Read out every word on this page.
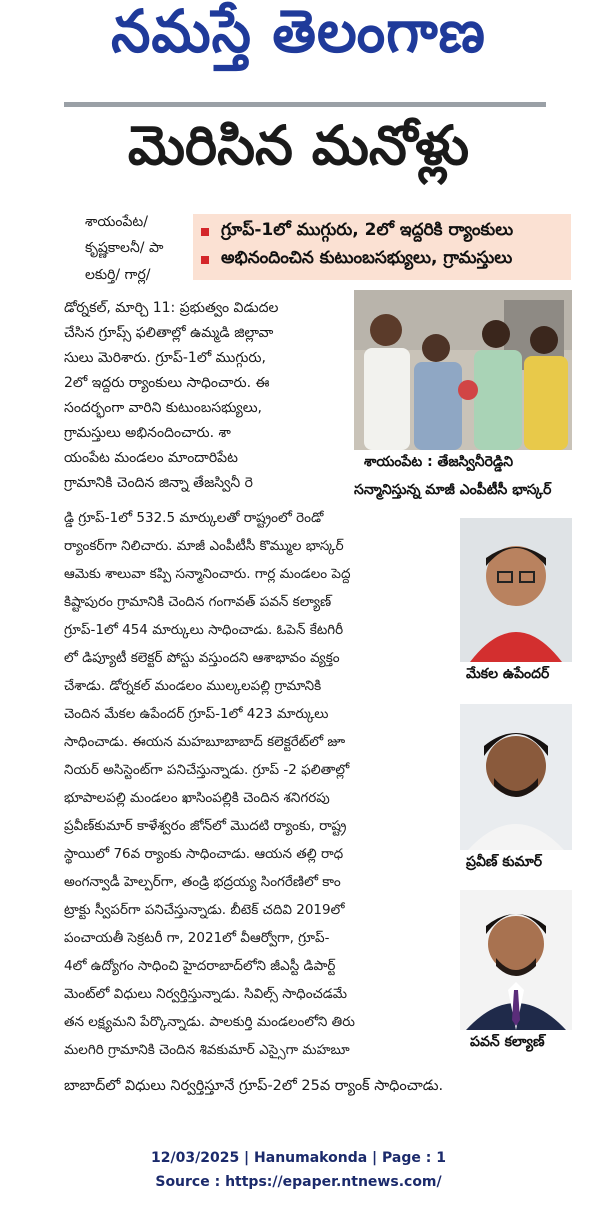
నమస్తే తెలంగాణ
మెరిసిన మనోళ్లు
గ్రూప్-1లో ముగ్గురు, 2లో ఇద్దరికి ర్యాంకులు
అభినందించిన కుటుంబసభ్యులు, గ్రామస్తులు
శాయంపేట/
కృష్ణకాలనీ/ పా
లకుర్తి/ గార్ల/
డోర్నకల్, మార్చి 11: ప్రభుత్వం విడుదల
చేసిన గ్రూప్స్ ఫలితాల్లో ఉమ్మడి జిల్లావా
సులు మెరిశారు. గ్రూప్-1లో ముగ్గురు,
2లో ఇద్దరు ర్యాంకులు సాధించారు. ఈ
సందర్భంగా వారిని కుటుంబసభ్యులు,
గ్రామస్తులు అభినందించారు. శా
యంపేట మండలం మాందారిపేట
గ్రామానికి చెందిన జిన్నా తేజస్వినీ రె
శాయంపేట : తేజస్వినీరెడ్డిని
సన్మానిస్తున్న మాజీ ఎంపీటీసీ భాస్కర్
డ్డి గ్రూప్-1లో 532.5 మార్కులతో రాష్ట్రంలో రెండో
ర్యాంకర్‌గా నిలిచారు. మాజీ ఎంపీటీసీ కొమ్ముల భాస్కర్
ఆమెకు శాలువా కప్పి సన్మానించారు. గార్ల మండలం పెద్ద
కిష్టాపురం గ్రామానికి చెందిన గంగావత్ పవన్ కల్యాణ్
గ్రూప్-1లో 454 మార్కులు సాధించాడు. ఓపెన్ కేటగిరీ
లో డిప్యూటీ కలెక్టర్ పోస్టు వస్తుందని ఆశాభావం వ్యక్తం
చేశాడు. డోర్నకల్ మండలం ముల్కలపల్లి గ్రామానికి
చెందిన మేకల ఉపేందర్ గ్రూప్-1లో 423 మార్కులు
సాధించాడు. ఈయన మహబూబాబాద్ కలెక్టరేట్‌లో జూ
నియర్ అసిస్టెంట్‌గా పనిచేస్తున్నాడు. గ్రూప్ -2 ఫలితాల్లో
భూపాలపల్లి మండలం ఖాసింపల్లికి చెందిన శనిగరపు
ప్రవీణ్‌కుమార్ కాళేశ్వరం జోన్‌లో మొదటి ర్యాంకు, రాష్ట్ర
స్థాయిలో 76వ ర్యాంకు సాధించాడు. ఆయన తల్లి రాధ
అంగన్వాడీ హెల్పర్‌గా, తండ్రి భద్రయ్య సింగరేణిలో కాం
ట్రాక్టు స్వీపర్‌గా పనిచేస్తున్నాడు. బీటెక్ చదివి 2019లో
పంచాయతీ సెక్రటరీ గా, 2021లో వీఆర్వోగా, గ్రూప్-
4లో ఉద్యోగం సాధించి హైదరాబాద్‌లోని జీఎస్టీ డిపార్ట్
మెంట్‌లో విధులు నిర్వర్తిస్తున్నాడు. సివిల్స్ సాధించడమే
తన లక్ష్యమని పేర్కొన్నాడు. పాలకుర్తి మండలంలోని తిరు
మలగిరి గ్రామానికి చెందిన శివకుమార్ ఎస్సైగా మహబూ
మేకల ఉపేందర్
ప్రవీణ్ కుమార్
పవన్ కల్యాణ్
బాబాద్‌లో విధులు నిర్వర్తిస్తూనే గ్రూప్-2లో 25వ ర్యాంక్ సాధించాడు.
12/03/2025 | Hanumakonda | Page : 1
Source : https://epaper.ntnews.com/
